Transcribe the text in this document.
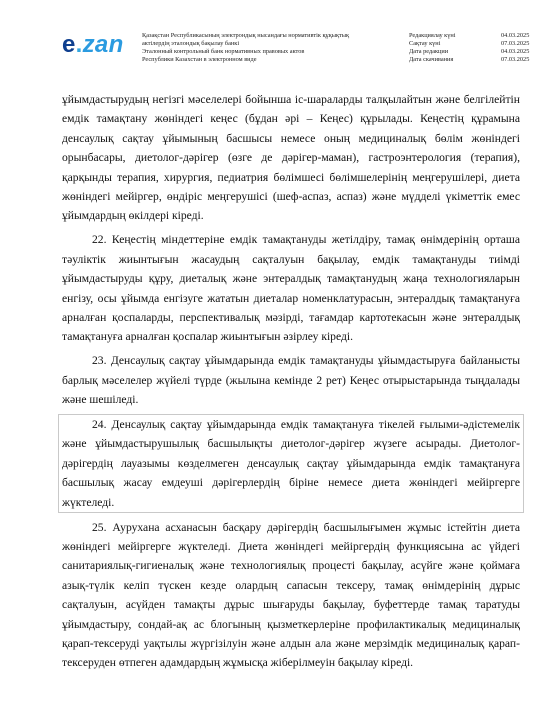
e.zan	Қазақстан Республикасының электрондық нысандағы нормативтік құқықтық
актілердің эталондық бақылау банкі
Эталонный контрольный банк нормативных правовых актов
Республики Казахстан в электронном виде
Редакциялау күні	04.03.2025
Сақтау күні	07.03.2025
Дата редакции	04.03.2025
Дата скачивания	07.03.2025

ұйымдастырудың негізгі мәселелері бойынша іс-шараларды талқылайтын және белгілейтін емдік тамақтану жөніндегі кеңес (бұдан әрі – Кеңес) құрылады. Кеңестің құрамына денсаулық сақтау ұйымының басшысы немесе оның медициналық бөлім жөніндегі орынбасары, диетолог-дәрігер (өзге де дәрігер-маман), гастроэнтерология (терапия), қарқынды терапия, хирургия, педиатрия бөлімшесі бөлімшелерінің меңгерушілері, диета жөніндегі мейіргер, өндіріс меңгерушісі (шеф-аспаз, аспаз) және мүдделі үкіметтік емес ұйымдардың өкілдері кіреді.

22. Кеңестің міндеттеріне емдік тамақтануды жетілдіру, тамақ өнімдерінің орташа тәуліктік жиынтығын жасаудың сақталуын бақылау, емдік тамақтануды тиімді ұйымдастыруды құру, диеталық және энтералдық тамақтанудың жаңа технологияларын енгізу, осы ұйымда енгізуге жататын диеталар номенклатурасын, энтералдық тамақтануға арналған қоспаларды, перспективалық мәзірді, тағамдар картотекасын және энтералдық тамақтануға арналған қоспалар жиынтығын әзірлеу кіреді.

23. Денсаулық сақтау ұйымдарында емдік тамақтануды ұйымдастыруға байланысты барлық мәселелер жүйелі түрде (жылына кемінде 2 рет) Кеңес отырыстарында тыңдалады және шешіледі.

24. Денсаулық сақтау ұйымдарында емдік тамақтануға тікелей ғылыми-әдістемелік және ұйымдастырушылық басшылықты диетолог-дәрігер жүзеге асырады. Диетолог-дәрігердің лауазымы көзделмеген денсаулық сақтау ұйымдарында емдік тамақтануға басшылық жасау емдеуші дәрігерлердің біріне немесе диета жөніндегі мейіргерге жүктеледі.

25. Аурухана асханасын басқару дәрігердің басшылығымен жұмыс істейтін диета жөніндегі мейіргерге жүктеледі. Диета жөніндегі мейіргердің функциясына ас үйдегі санитариялық-гигиеналық және технологиялық процесті бақылау, асүйге және қоймаға азық-түлік келіп түскен кезде олардың сапасын тексеру, тамақ өнімдерінің дұрыс сақталуын, асүйден тамақты дұрыс шығаруды бақылау, буфеттерде тамақ таратуды ұйымдастыру, сондай-ақ ас блогының қызметкерлеріне профилактикалық медициналық қарап-тексеруді уақтылы жүргізілуін және алдын ала және мерзімдік медициналық қарап-тексеруден өтпеген адамдардың жұмысқа жіберілмеуін бақылау кіреді.
